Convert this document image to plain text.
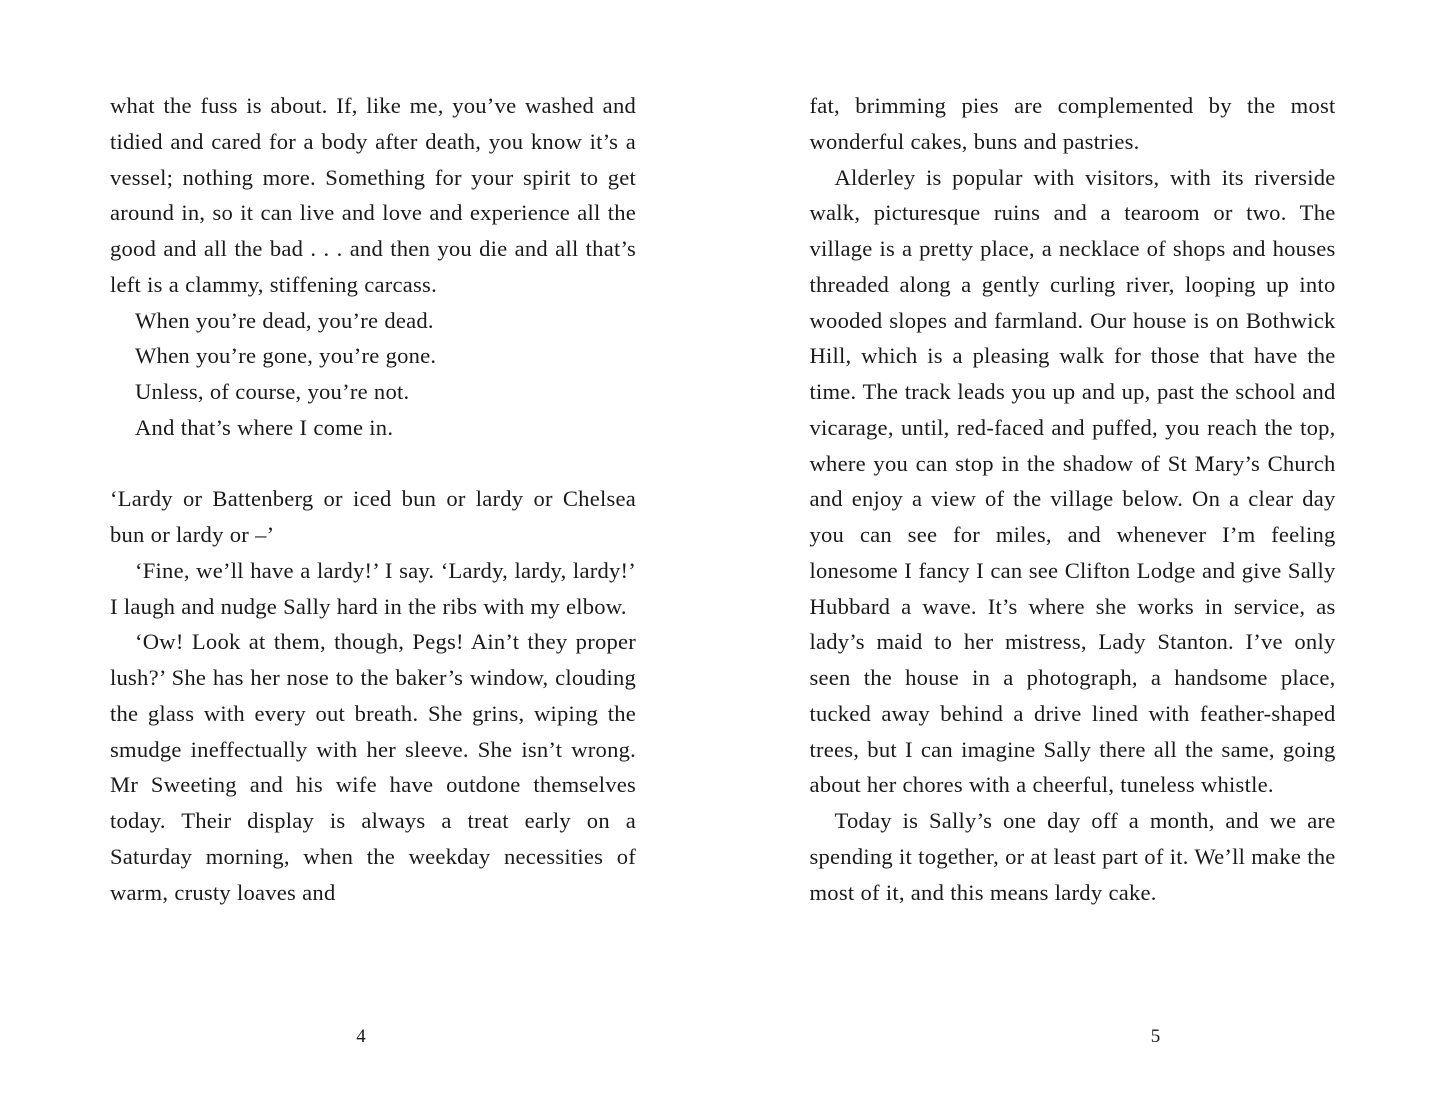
what the fuss is about. If, like me, you’ve washed and tidied and cared for a body after death, you know it’s a vessel; nothing more. Something for your spirit to get around in, so it can live and love and experience all the good and all the bad . . . and then you die and all that’s left is a clammy, stiffening carcass.

When you’re dead, you’re dead.

When you’re gone, you’re gone.

Unless, of course, you’re not.

And that’s where I come in.

‘Lardy or Battenberg or iced bun or lardy or Chelsea bun or lardy or –’

‘Fine, we’ll have a lardy!’ I say. ‘Lardy, lardy, lardy!’ I laugh and nudge Sally hard in the ribs with my elbow.

‘Ow! Look at them, though, Pegs! Ain’t they proper lush?’ She has her nose to the baker’s window, clouding the glass with every out breath. She grins, wiping the smudge ineffectually with her sleeve. She isn’t wrong. Mr Sweeting and his wife have outdone themselves today. Their display is always a treat early on a Saturday morning, when the weekday necessities of warm, crusty loaves and

4

fat, brimming pies are complemented by the most wonderful cakes, buns and pastries.

Alderley is popular with visitors, with its riverside walk, picturesque ruins and a tearoom or two. The village is a pretty place, a necklace of shops and houses threaded along a gently curling river, looping up into wooded slopes and farmland. Our house is on Bothwick Hill, which is a pleasing walk for those that have the time. The track leads you up and up, past the school and vicarage, until, red-faced and puffed, you reach the top, where you can stop in the shadow of St Mary’s Church and enjoy a view of the village below. On a clear day you can see for miles, and whenever I’m feeling lonesome I fancy I can see Clifton Lodge and give Sally Hubbard a wave. It’s where she works in service, as lady’s maid to her mistress, Lady Stanton. I’ve only seen the house in a photograph, a handsome place, tucked away behind a drive lined with feather-shaped trees, but I can imagine Sally there all the same, going about her chores with a cheerful, tuneless whistle.

Today is Sally’s one day off a month, and we are spending it together, or at least part of it. We’ll make the most of it, and this means lardy cake.

5
